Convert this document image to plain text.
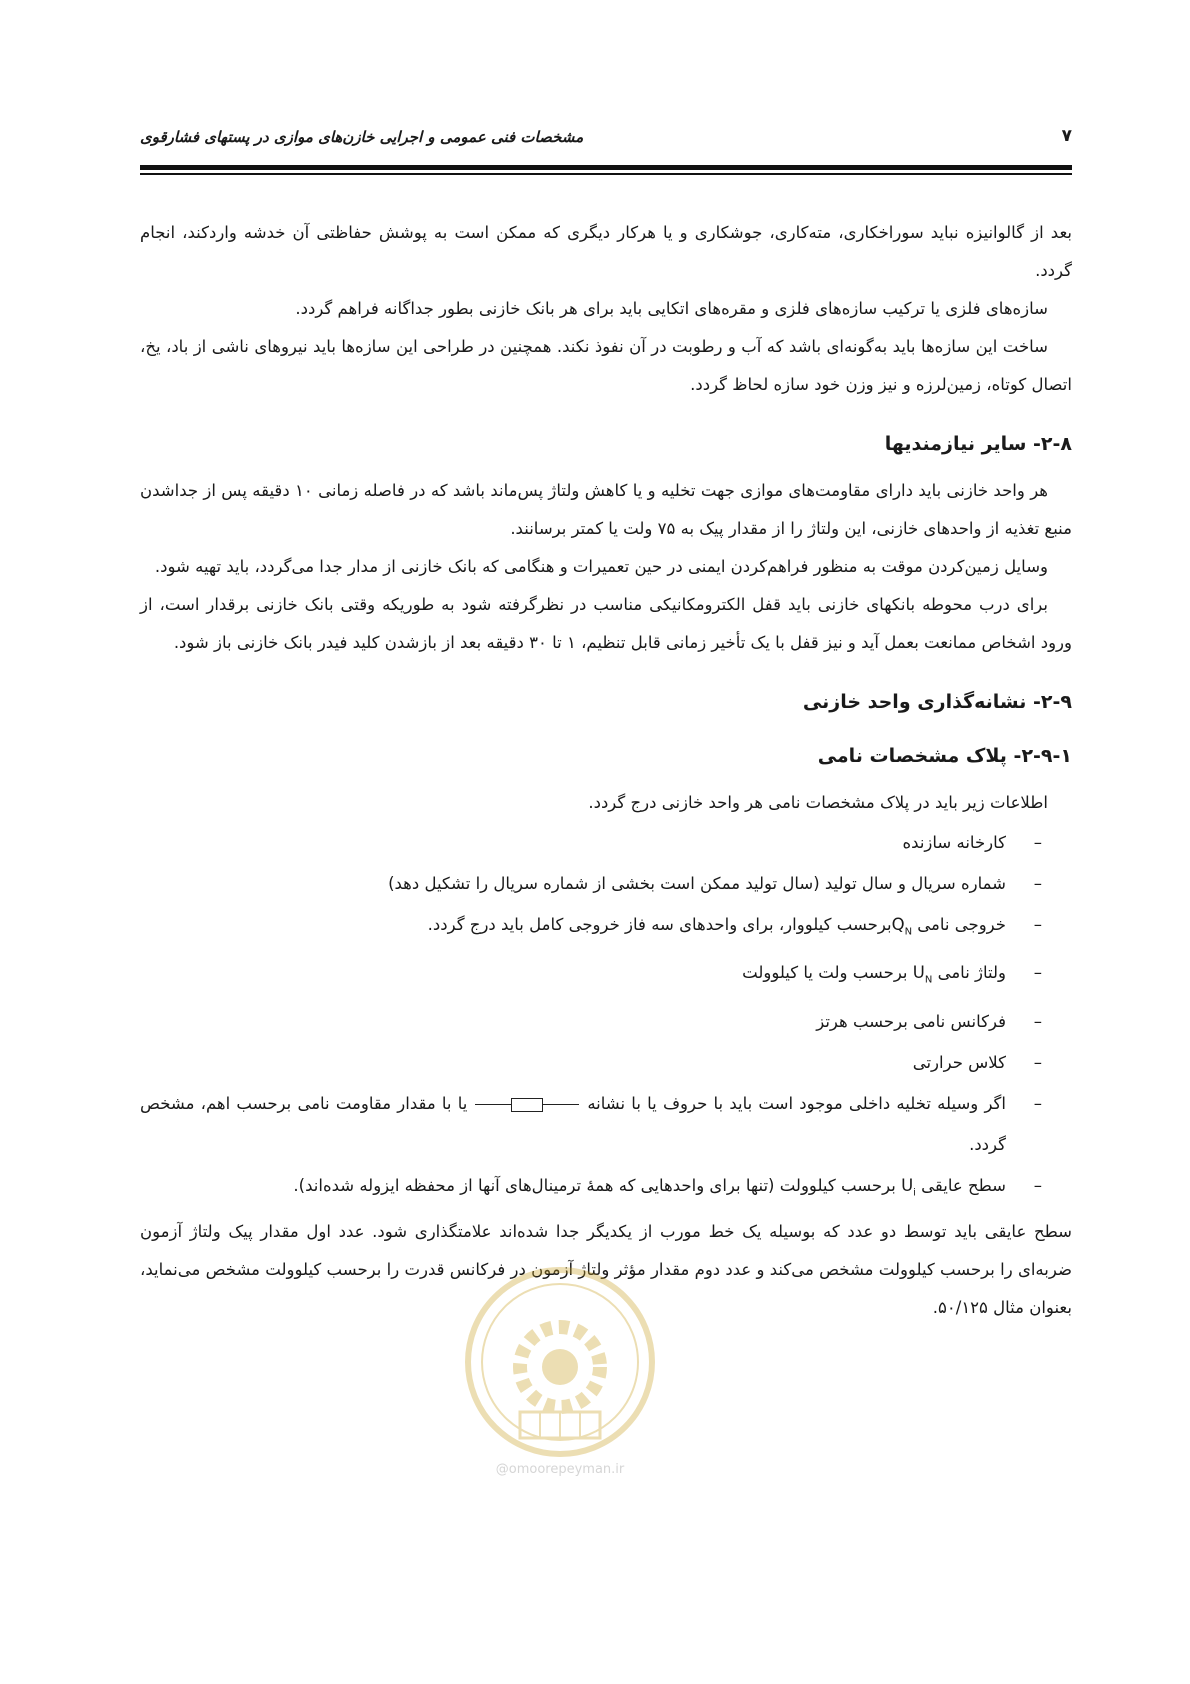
۷
مشخصات فنی عمومی و اجرایی خازن‌های موازی در پستهای فشارقوی

بعد از گالوانیزه نباید سوراخکاری، مته‌کاری، جوشکاری و یا هرکار دیگری که ممکن است به پوشش حفاظتی آن خدشه واردکند، انجام گردد.

سازه‌های فلزی یا ترکیب سازه‌های فلزی و مقره‌های اتکایی باید برای هر بانک خازنی بطور جداگانه فراهم گردد.

ساخت این سازه‌ها باید به‌گونه‌ای باشد که آب و رطوبت در آن نفوذ نکند. همچنین در طراحی این سازه‌ها باید نیروهای ناشی از باد، یخ، اتصال کوتاه، زمین‌لرزه و نیز وزن خود سازه لحاظ گردد.

۲-۸- سایر نیازمندیها

هر واحد خازنی باید دارای مقاومت‌های موازی جهت تخلیه و یا کاهش ولتاژ پس‌ماند باشد که در فاصله زمانی ۱۰ دقیقه پس از جداشدن منبع تغذیه از واحدهای خازنی، این ولتاژ را از مقدار پیک به ۷۵ ولت یا کمتر برسانند.

وسایل زمین‌کردن موقت به منظور فراهم‌کردن ایمنی در حین تعمیرات و هنگامی که بانک خازنی از مدار جدا می‌گردد، باید تهیه شود.

برای درب محوطه بانکهای خازنی باید قفل الکترومکانیکی مناسب در نظرگرفته شود به طوریکه وقتی بانک خازنی برقدار است، از ورود اشخاص ممانعت بعمل آید و نیز قفل با یک تأخیر زمانی قابل تنظیم، ۱ تا ۳۰ دقیقه بعد از بازشدن کلید فیدر بانک خازنی باز شود.

۲-۹- نشانه‌گذاری واحد خازنی
۲-۹-۱- پلاک مشخصات نامی

اطلاعات زیر باید در پلاک مشخصات نامی هر واحد خازنی درج گردد.

– کارخانه سازنده
– شماره سریال و سال تولید (سال تولید ممکن است بخشی از شماره سریال را تشکیل دهد)
– خروجی نامی $Q_Nبرحسب$ کیلووار، برای واحدهای سه فاز خروجی کامل باید درج گردد.
– ولتاژ نامی $U_N$ برحسب ولت یا کیلوولت
– فرکانس نامی برحسب هرتز
– کلاس حرارتی
– اگر وسیله تخلیه داخلی موجود است باید با حروف یا با نشانه
یا با مقدار مقاومت نامی برحسب اهم، مشخص گردد.
– سطح عایقی $U_i$ برحسب کیلوولت (تنها برای واحدهایی که همهٔ ترمینال‌های آنها از محفظه ایزوله شده‌اند).

سطح عایقی باید توسط دو عدد که بوسیله یک خط مورب از یکدیگر جدا شده‌اند علامتگذاری شود. عدد اول مقدار پیک ولتاژ آزمون ضربه‌ای را برحسب کیلوولت مشخص می‌کند و عدد دوم مقدار مؤثر ولتاژ آزمون در فرکانس قدرت را برحسب کیلوولت مشخص می‌نماید، بعنوان مثال ۵۰/۱۲۵.

@omoorepeyman.ir
